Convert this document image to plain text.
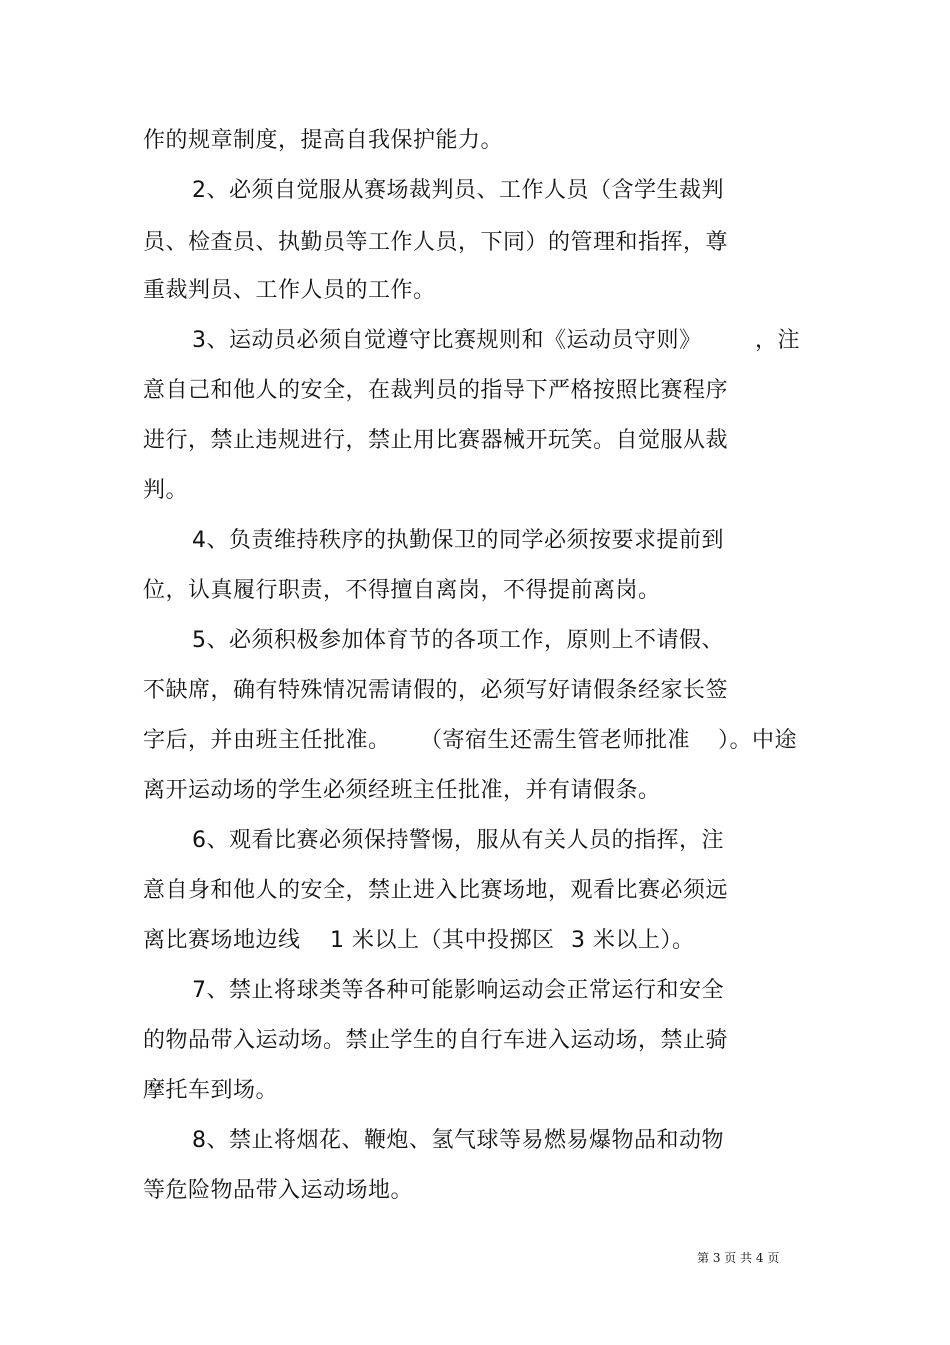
作的规章制度，提高自我保护能力。
2、必须自觉服从赛场裁判员、工作人员（含学生裁判
员、检查员、执勤员等工作人员，下同）的管理和指挥，尊
重裁判员、工作人员的工作。
3、运动员必须自觉遵守比赛规则和《运动员守则》 ，注
意自己和他人的安全，在裁判员的指导下严格按照比赛程序
进行，禁止违规进行，禁止用比赛器械开玩笑。自觉服从裁
判。
4、负责维持秩序的执勤保卫的同学必须按要求提前到
位，认真履行职责，不得擅自离岗，不得提前离岗。
5、必须积极参加体育节的各项工作，原则上不请假、
不缺席，确有特殊情况需请假的，必须写好请假条经家长签
字后，并由班主任批准。 （寄宿生还需生管老师批准 ）。中途
离开运动场的学生必须经班主任批准，并有请假条。
6、观看比赛必须保持警惕，服从有关人员的指挥，注
意自身和他人的安全，禁止进入比赛场地，观看比赛必须远
离比赛场地边线 1 米以上（其中投掷区 3 米以上）。
7、禁止将球类等各种可能影响运动会正常运行和安全
的物品带入运动场。禁止学生的自行车进入运动场，禁止骑
摩托车到场。
8、禁止将烟花、鞭炮、氢气球等易燃易爆物品和动物
等危险物品带入运动场地。
第 3 页 共 4 页
